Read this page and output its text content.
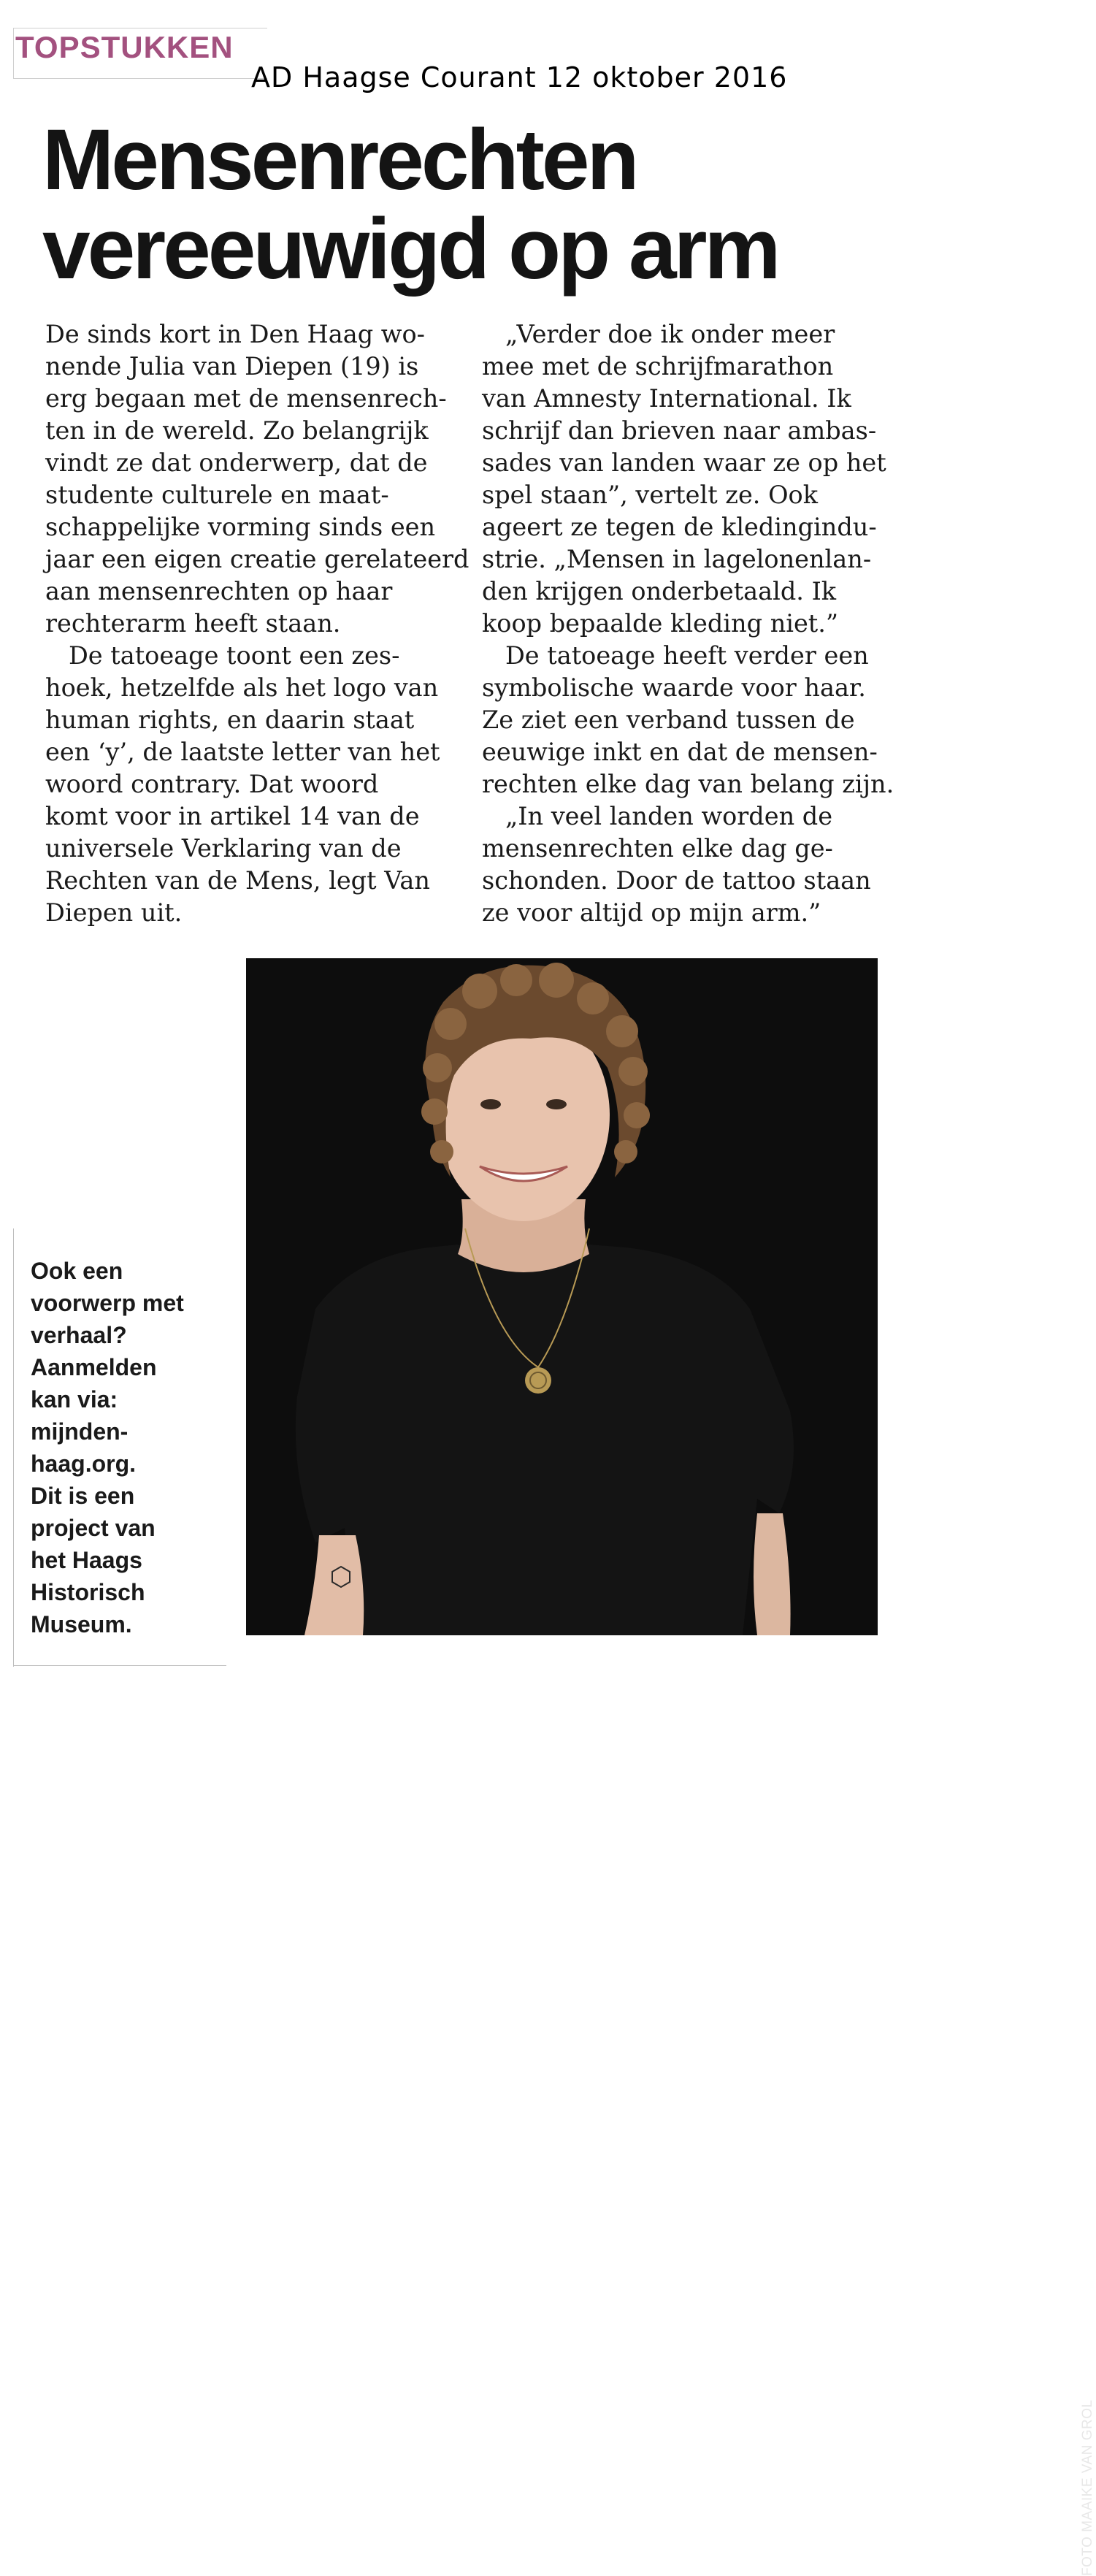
TOPSTUKKEN
AD Haagse Courant 12 oktober 2016
Mensenrechten
vereeuwigd op arm

De sinds kort in Den Haag wo-
nende Julia van Diepen (19) is
erg begaan met de mensenrech-
ten in de wereld. Zo belangrijk
vindt ze dat onderwerp, dat de
studente culturele en maat-
schappelijke vorming sinds een
jaar een eigen creatie gerelateerd
aan mensenrechten op haar
rechterarm heeft staan.

De tatoeage toont een zes-
hoek, hetzelfde als het logo van
human rights, en daarin staat
een ‘y’, de laatste letter van het
woord contrary. Dat woord
komt voor in artikel 14 van de
universele Verklaring van de
Rechten van de Mens, legt Van
Diepen uit.

„Verder doe ik onder meer
mee met de schrijfmarathon
van Amnesty International. Ik
schrijf dan brieven naar ambas-
sades van landen waar ze op het
spel staan”, vertelt ze. Ook
ageert ze tegen de kledingindu-
strie. „Mensen in lagelonenlan-
den krijgen onderbetaald. Ik
koop bepaalde kleding niet.”

De tatoeage heeft verder een
symbolische waarde voor haar.
Ze ziet een verband tussen de
eeuwige inkt en dat de mensen-
rechten elke dag van belang zijn.

„In veel landen worden de
mensenrechten elke dag ge-
schonden. Door de tattoo staan
ze voor altijd op mijn arm.”

FOTO MAAIKE VAN GROL
Ook een
voorwerp met
verhaal?
Aanmelden
kan via:
mijnden-
haag.org.
Dit is een
project van
het Haags
Historisch
Museum.
